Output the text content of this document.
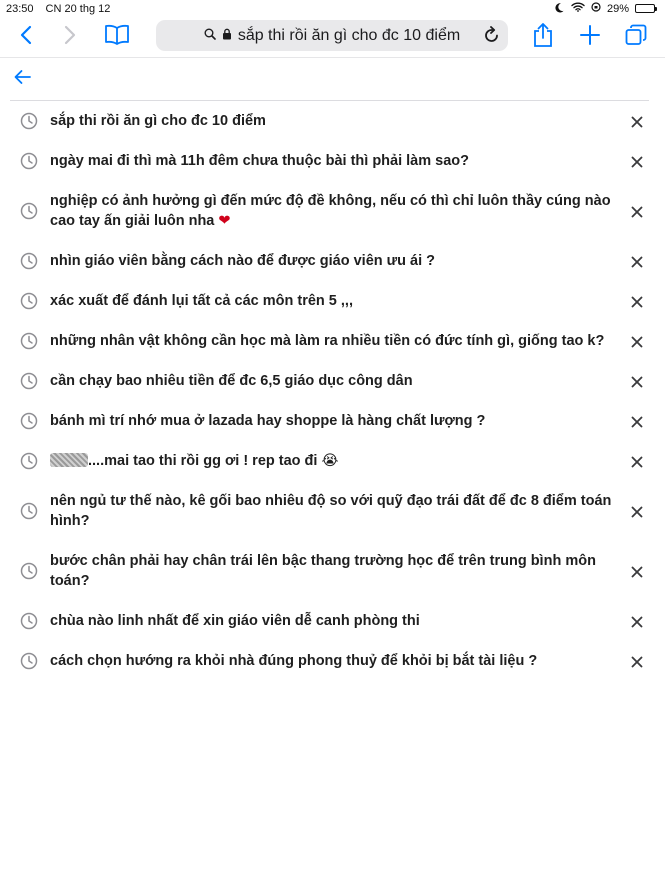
23:50 CN 20 thg 12	29%
sắp thi rồi ăn gì cho đc 10 điểm
sắp thi rồi ăn gì cho đc 10 điểm
ngày mai đi thì mà 11h đêm chưa thuộc bài thì phải làm sao?
nghiệp có ảnh hưởng gì đến mức độ đề không, nếu có thì chỉ luôn thầy cúng nào cao tay ấn giải luôn nha ❤
nhìn giáo viên bằng cách nào để được giáo viên ưu ái ?
xác xuất để đánh lụi tất cả các môn trên 5 ,,,
những nhân vật không cần học mà làm ra nhiều tiền có đức tính gì, giống tao k?
cần chạy bao nhiêu tiền để đc 6,5 giáo dục công dân
bánh mì trí nhớ mua ở lazada hay shoppe là hàng chất lượng ?
....mai tao thi rồi gg ơi ! rep tao đi 😭
nên ngủ tư thế nào, kê gối bao nhiêu độ so với quỹ đạo trái đất để đc 8 điểm toán hình?
bước chân phải hay chân trái lên bậc thang trường học để trên trung bình môn toán?
chùa nào linh nhất để xin giáo viên dễ canh phòng thi
cách chọn hướng ra khỏi nhà đúng phong thuỷ để khỏi bị bắt tài liệu ?
